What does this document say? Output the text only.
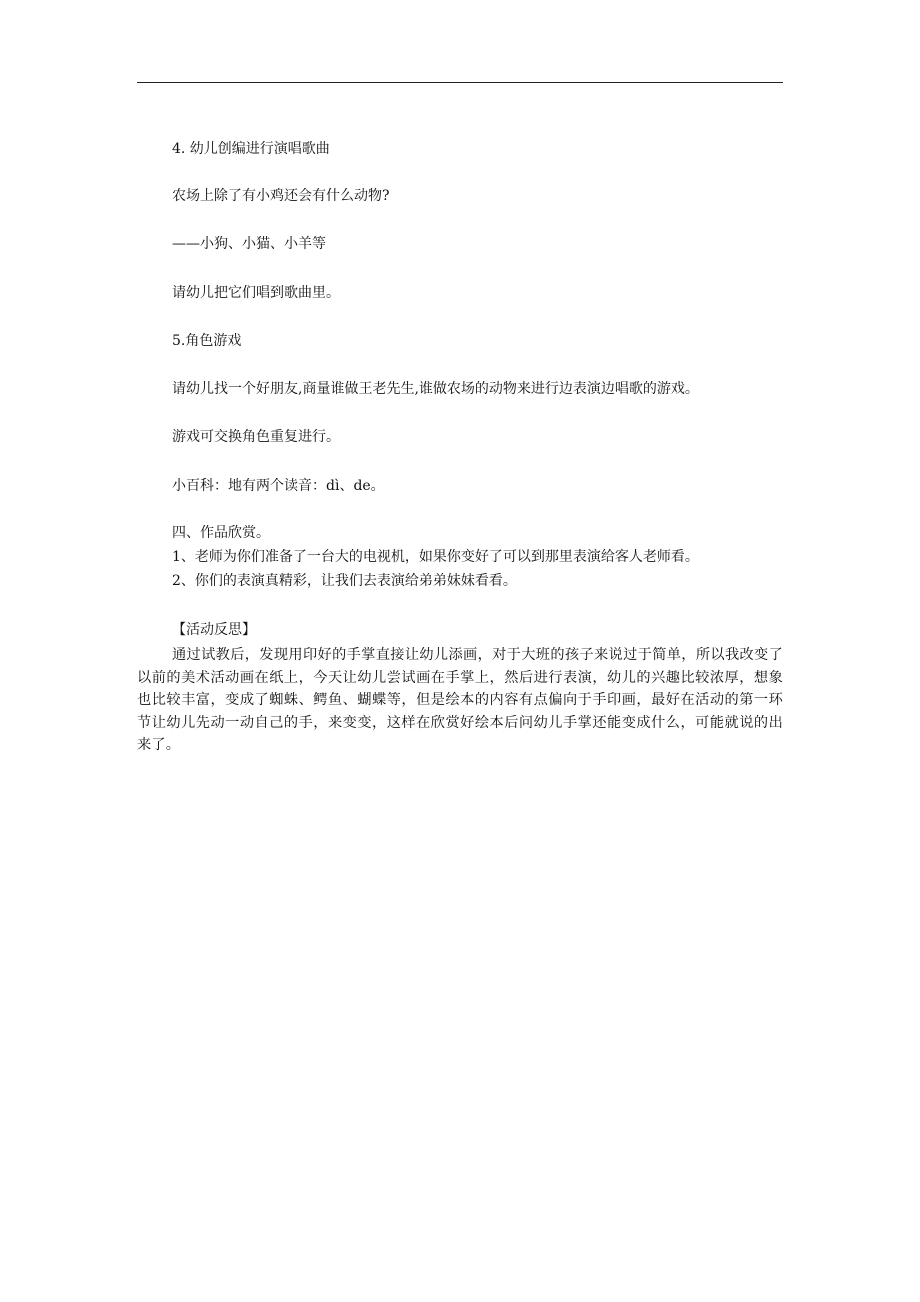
4. 幼儿创编进行演唱歌曲
农场上除了有小鸡还会有什么动物?
——小狗、小猫、小羊等
请幼儿把它们唱到歌曲里。
5.角色游戏
请幼儿找一个好朋友,商量谁做王老先生,谁做农场的动物来进行边表演边唱歌的游戏。
游戏可交换角色重复进行。
小百科：地有两个读音：dì、de。
四、作品欣赏。
1、老师为你们准备了一台大的电视机，如果你变好了可以到那里表演给客人老师看。
2、你们的表演真精彩，让我们去表演给弟弟妹妹看看。
【活动反思】
通过试教后，发现用印好的手掌直接让幼儿添画，对于大班的孩子来说过于简单，所以我改变了以前的美术活动画在纸上，今天让幼儿尝试画在手掌上，然后进行表演，幼儿的兴趣比较浓厚，想象也比较丰富，变成了蜘蛛、鳄鱼、蝴蝶等，但是绘本的内容有点偏向于手印画，最好在活动的第一环节让幼儿先动一动自己的手，来变变，这样在欣赏好绘本后问幼儿手掌还能变成什么，可能就说的出来了。
